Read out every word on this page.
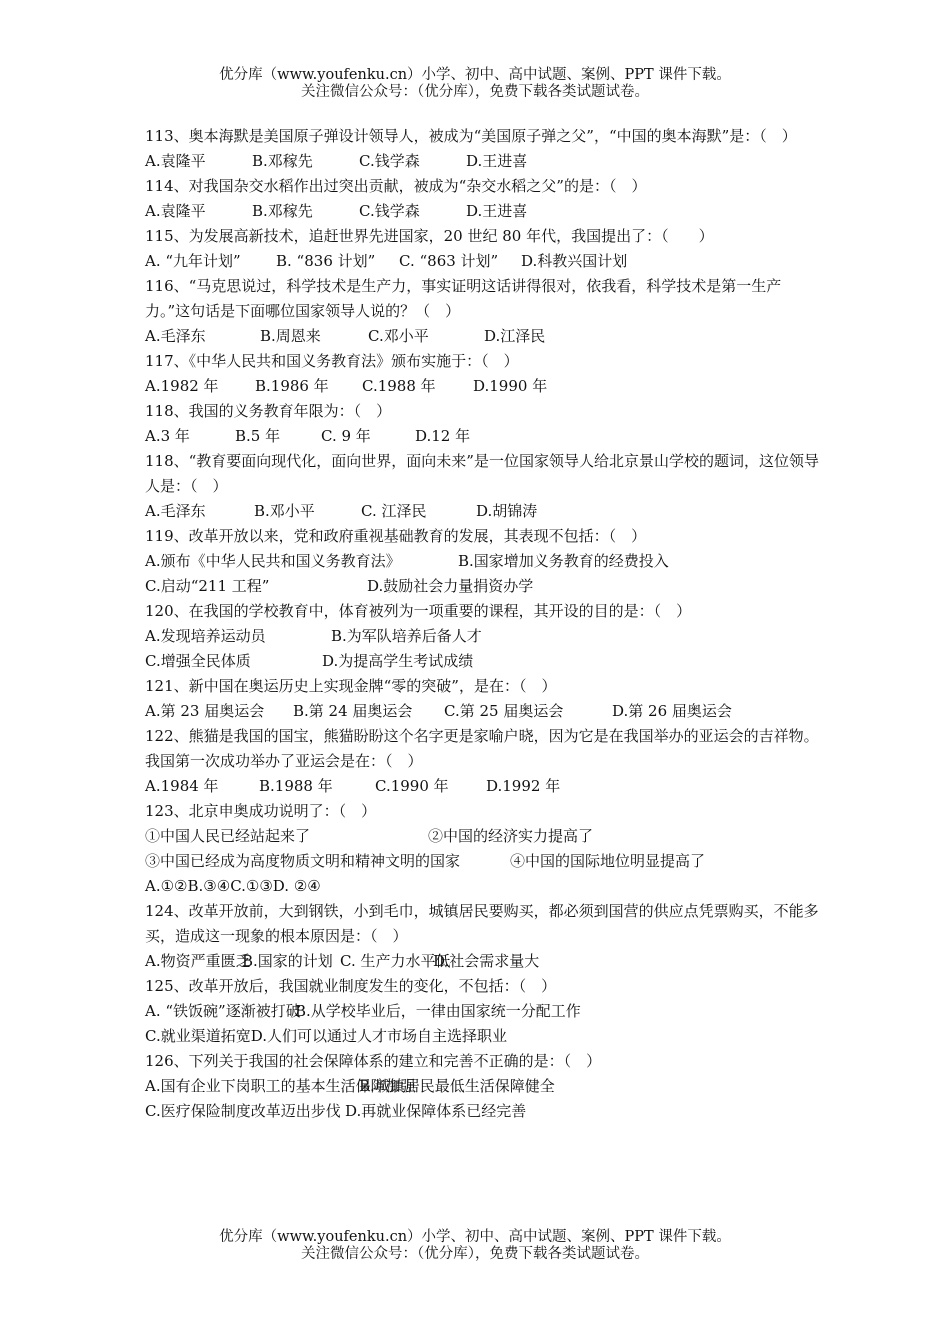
优分库（www.youfenku.cn）小学、初中、高中试题、案例、PPT 课件下载。
关注微信公众号：（优分库），免费下载各类试题试卷。

113、奥本海默是美国原子弹设计领导人，被成为“美国原子弹之父”，“中国的奥本海默”是：（　）

A.袁隆平	B.邓稼先	C.钱学森	D.王进喜

114、对我国杂交水稻作出过突出贡献，被成为“杂交水稻之父”的是：（　）

A.袁隆平	B.邓稼先	C.钱学森	D.王进喜

115、为发展高新技术，追赶世界先进国家，20 世纪 80 年代，我国提出了：（　　）

A. “九年计划” B. “836 计划” C. “863 计划” D.科教兴国计划

116、“马克思说过，科学技术是生产力，事实证明这话讲得很对，依我看，科学技术是第一生产力。”这句话是下面哪位国家领导人说的？（　）

A.毛泽东	B.周恩来	C.邓小平	D.江泽民

117、《中华人民共和国义务教育法》颁布实施于：（　）

A.1982 年 B.1986 年 C.1988 年 D.1990 年

118、我国的义务教育年限为：（　）

A.3 年	B.5 年	C. 9 年	D.12 年

118、“教育要面向现代化，面向世界，面向未来”是一位国家领导人给北京景山学校的题词，这位领导人是：（　）

A.毛泽东	B.邓小平	C. 江泽民	D.胡锦涛

119、改革开放以来，党和政府重视基础教育的发展，其表现不包括：（　）

A.颁布《中华人民共和国义务教育法》	B.国家增加义务教育的经费投入
C.启动“211 工程”	D.鼓励社会力量捐资办学

120、在我国的学校教育中，体育被列为一项重要的课程，其开设的目的是：（　）

A.发现培养运动员	B.为军队培养后备人才
C.增强全民体质	D.为提高学生考试成绩

121、新中国在奥运历史上实现金牌“零的突破”，是在：（　）

A.第 23 届奥运会 B.第 24 届奥运会 C.第 25 届奥运会	D.第 26 届奥运会

122、熊猫是我国的国宝，熊猫盼盼这个名字更是家喻户晓，因为它是在我国举办的亚运会的吉祥物。我国第一次成功举办了亚运会是在：（　）

A.1984 年	B.1988 年	C.1990 年 D.1992 年

123、北京申奥成功说明了：（　）

①中国人民已经站起来了	②中国的经济实力提高了
③中国已经成为高度物质文明和精神文明的国家	④中国的国际地位明显提高了
A.①②B.③④C.①③D. ②④

124、改革开放前，大到钢铁，小到毛巾，城镇居民要购买，都必须到国营的供应点凭票购买，不能多买，造成这一现象的根本原因是：（　）

A.物资严重匮乏B.国家的计划 C. 生产力水平低D.社会需求量大

125、改革开放后，我国就业制度发生的变化，不包括：（　）

A. “铁饭碗”逐渐被打破B.从学校毕业后，一律由国家统一分配工作
C.就业渠道拓宽D.人们可以通过人才市场自主选择职业

126、下列关于我国的社会保障体系的建立和完善不正确的是：（　）

A.国有企业下岗职工的基本生活保障加强B.城镇居民最低生活保障健全
C.医疗保险制度改革迈出步伐 D.再就业保障体系已经完善
优分库（www.youfenku.cn）小学、初中、高中试题、案例、PPT 课件下载。
关注微信公众号：（优分库），免费下载各类试题试卷。
